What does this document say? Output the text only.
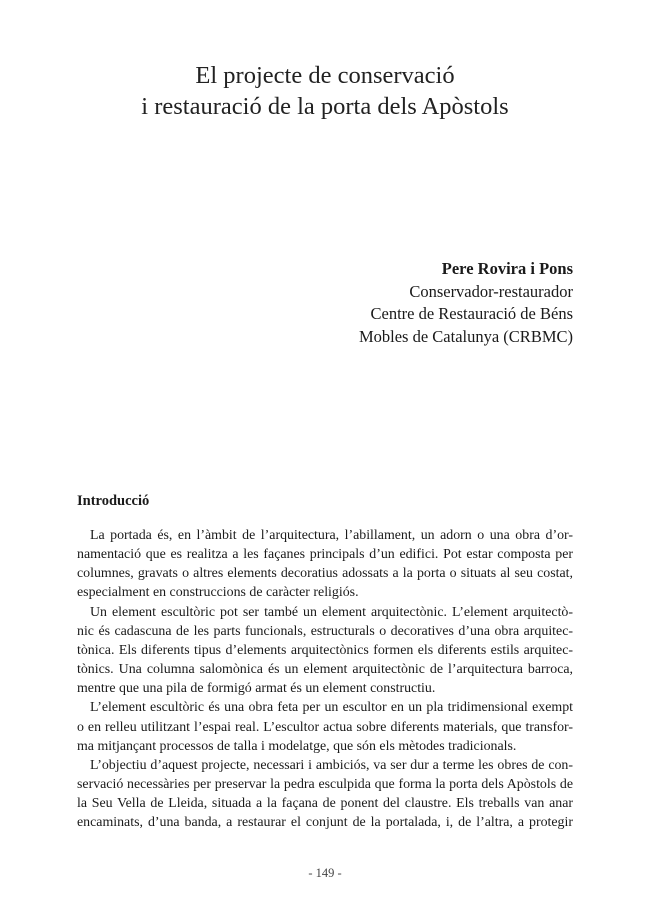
El projecte de conservació
i restauració de la porta dels Apòstols
Pere Rovira i Pons
Conservador-restaurador
Centre de Restauració de Béns
Mobles de Catalunya (CRBMC)
Introducció
La portada és, en l’àmbit de l’arquitectura, l’abillament, un adorn o una obra d’or-
namentació que es realitza a les façanes principals d’un edifici. Pot estar composta per
columnes, gravats o altres elements decoratius adossats a la porta o situats al seu costat,
especialment en construccions de caràcter religiós.
Un element escultòric pot ser també un element arquitectònic. L’element arquitectò-
nic és cadascuna de les parts funcionals, estructurals o decoratives d’una obra arquitec-
tònica. Els diferents tipus d’elements arquitectònics formen els diferents estils arquitec-
tònics. Una columna salomònica és un element arquitectònic de l’arquitectura barroca,
mentre que una pila de formigó armat és un element constructiu.
L’element escultòric és una obra feta per un escultor en un pla tridimensional exempt
o en relleu utilitzant l’espai real. L’escultor actua sobre diferents materials, que transfor-
ma mitjançant processos de talla i modelatge, que són els mètodes tradicionals.
L’objectiu d’aquest projecte, necessari i ambiciós, va ser dur a terme les obres de con-
servació necessàries per preservar la pedra esculpida que forma la porta dels Apòstols de
la Seu Vella de Lleida, situada a la façana de ponent del claustre. Els treballs van anar
encaminats, d’una banda, a restaurar el conjunt de la portalada, i, de l’altra, a protegir
- 149 -
